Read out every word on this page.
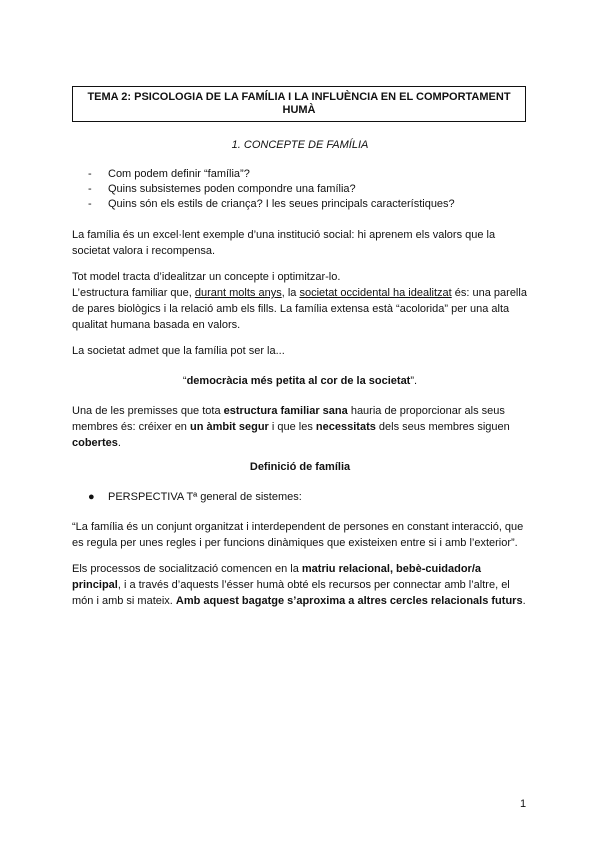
TEMA 2: PSICOLOGIA DE LA FAMÍLIA I LA INFLUÈNCIA EN EL COMPORTAMENT HUMÀ
1. CONCEPTE DE FAMÍLIA
-	Com podem definir “família”?
-	Quins subsistemes poden compondre una família?
-	Quins són els estils de criança? I les seues principals característiques?

La família és un excel·lent exemple d’una institució social: hi aprenem els valors que la societat valora i recompensa.

Tot model tracta d’idealitzar un concepte i optimitzar-lo.

L’estructura familiar que, durant molts anys, la societat occidental ha idealitzat és: una parella de pares biològics i la relació amb els fills. La família extensa està “acolorida” per una alta qualitat humana basada en valors.

La societat admet que la família pot ser la...

“democràcia més petita al cor de la societat”.

Una de les premisses que tota estructura familiar sana hauria de proporcionar als seus membres és: créixer en un àmbit segur i que les necessitats dels seus membres siguen cobertes.

Definició de família

●	PERSPECTIVA Tª general de sistemes:

“La família és un conjunt organitzat i interdependent de persones en constant interacció, que es regula per unes regles i per funcions dinàmiques que existeixen entre si i amb l’exterior”.

Els processos de socialització comencen en la matriu relacional, bebè-cuidador/a principal, i a través d’aquests l’ésser humà obté els recursos per connectar amb l’altre, el món i amb si mateix. Amb aquest bagatge s’aproxima a altres cercles relacionals futurs.

1
